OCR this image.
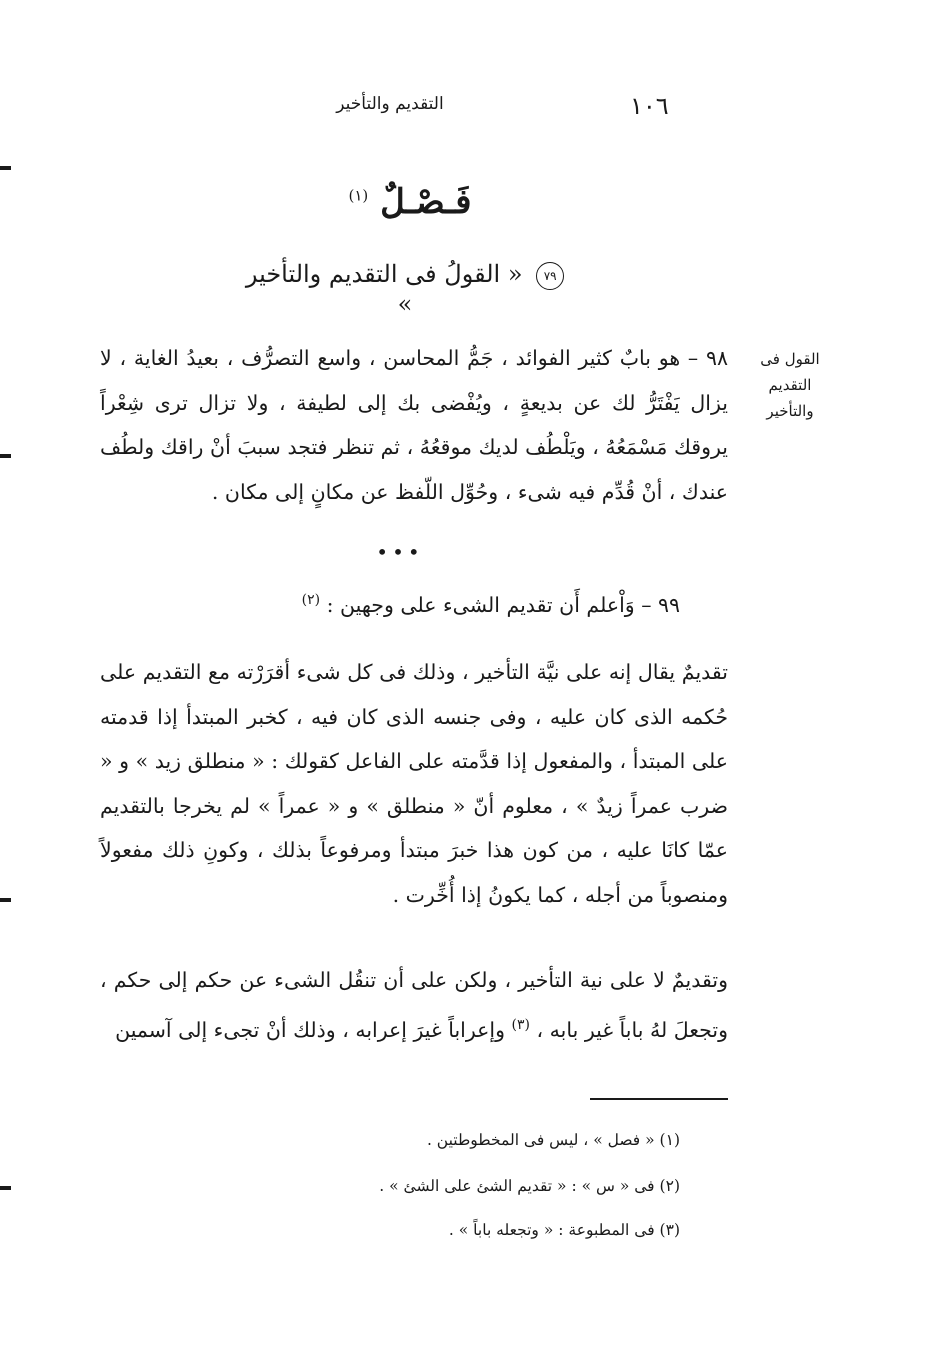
١٠٦
التقديم والتأخير
فَـصْـلٌ $^{(١)}$
٧٩ « القولُ فى التقديم والتأخير »
القول فى التقديم
والتأخير
٩٨ – هو بابٌ كثير الفوائد ، جَمُّ المحاسن ، واسع التصرُّف ، بعيدُ الغاية ، لا يزال يَفْتَرُّ لك عن بديعةٍ ، ويُفْضى بك إلى لطيفة ، ولا تزال ترى شِعْراً يروقك مَسْمَعُهُ ، ويَلْطُف لديك موقعُهُ ، ثم تنظر فتجد سببَ أنْ راقك ولطُف عندك ، أنْ قُدِّم فيه شىء ، وحُوِّل اللّفظ عن مكانٍ إلى مكان .
•••
٩٩ – وَاْعلم أَن تقديم الشىء على وجهين : $^{(٢)}$
تقديمٌ يقال إنه على نيَّة التأخير ، وذلك فى كل شىء أقرَرْته مع التقديم على حُكمه الذى كان عليه ، وفى جنسه الذى كان فيه ، كخبر المبتدأ إذا قدمته على المبتدأ ، والمفعول إذا قدَّمته على الفاعل كقولك : « منطلق زيد » و « ضرب عمراً زيدٌ » ، معلوم أنّ « منطلق » و « عمراً » لم يخرجا بالتقديم عمّا كانَا عليه ، من كون هذا خبرَ مبتدأ ومرفوعاً بذلك ، وكونِ ذلك مفعولاً ومنصوباً من أجله ، كما يكونُ إذا أُخِّرت .
وتقديمٌ لا على نية التأخير ، ولكن على أن تنقُل الشىء عن حكم إلى حكم ، وتجعلَ لهُ باباً غير بابه ، $^{(٣)}$ وإعراباً غيرَ إعرابه ، وذلك أنْ تجىء إلى آسمين
(١) « فصل » ، ليس فى المخطوطتين .
(٢) فى « س » : « تقديم الشئ على الشئ » .
(٣) فى المطبوعة : « وتجعله باباً » .
